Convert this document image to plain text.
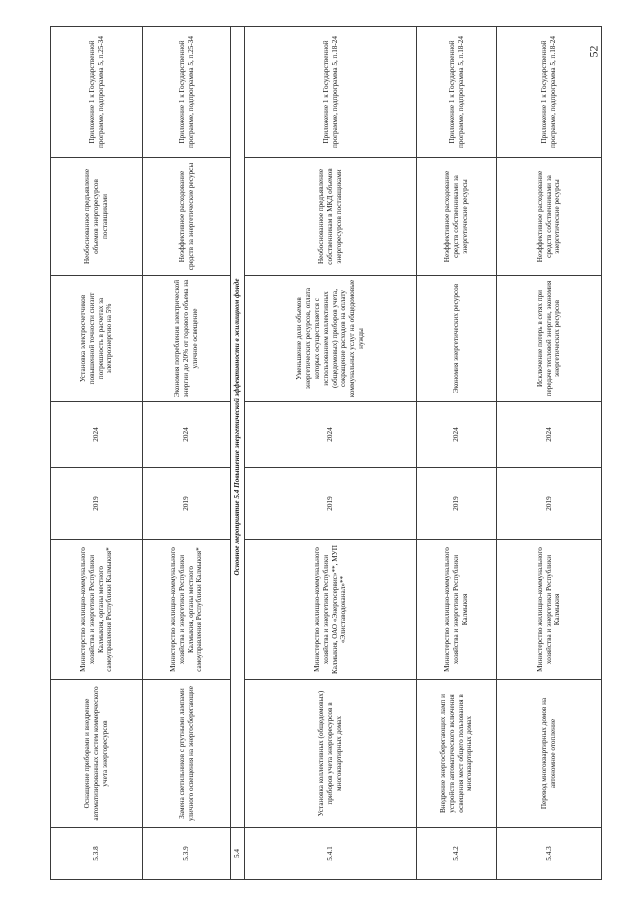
52
5.3.8	Оснащение приборами и внедрение автоматизированных систем коммерческого учета энергоресурсов	Министерство жилищно-коммунального хозяйства и энергетики Республики Калмыкия, органы местного самоуправления Республики Калмыкия*	2019	2024	Установка электросчетчиков повышенной точности снизит погрешность в расчетах за электроэнергию на 5%	Необоснованное предъявление объемов энергоресурсов поставщиками	Приложение 1 к Государственной программе, подпрограмма 5, п.25-34
5.3.9	Замена светильников с ртутными лампами уличного освещения на энергосберегающие	Министерство жилищно-коммунального хозяйства и энергетики Республики Калмыкия, органы местного самоуправления Республики Калмыкия*	2019	2024	Экономия потребления электрической энергии до 20% от годового объема на уличное освещение	Неэффективное расходование средств за энергетические ресурсы	Приложение 1 к Государственной программе, подпрограмма 5, п.25-34
5.4	Основное мероприятие 5.4 Повышение энергетической эффективности в жилищном фонде						
5.4.1	Установка коллективных (общедомовых) приборов учета энергоресурсов в многоквартирных домах	Министерство жилищно-коммунального хозяйства и энергетики Республики Калмыкия, ОАО «Энергосервис»**, МУП «Элиставодоканал»**	2019	2024	Уменьшение доли объемов энергетических ресурсов, оплата которых осуществляется с использованием коллективных (общедомовых) приборов учета, сокращение расходов на оплату коммунальных услуг на общедомовые нужды	Необоснованное предъявление собственникам в МКД объемов энергоресурсов поставщиками	Приложение 1 к Государственной программе, подпрограмма 5, п.18-24
5.4.2	Внедрение энергосберегающих ламп и устройств автоматического включения освещения мест общего пользования в многоквартирных домах	Министерство жилищно-коммунального хозяйства и энергетики Республики Калмыкия	2019	2024	Экономия энергетических ресурсов	Неэффективное расходование средств собственниками за энергетические ресурсы	Приложение 1 к Государственной программе, подпрограмма 5, п.18-24
5.4.3	Перевод многоквартирных домов на автономное отопление	Министерство жилищно-коммунального хозяйства и энергетики Республики Калмыкия	2019	2024	Исключение потерь в сетях при передаче тепловой энергии, экономия энергетических ресурсов	Неэффективное расходование средств собственниками за энергетические ресурсы	Приложение 1 к Государственной программе, подпрограмма 5, п.18-24
